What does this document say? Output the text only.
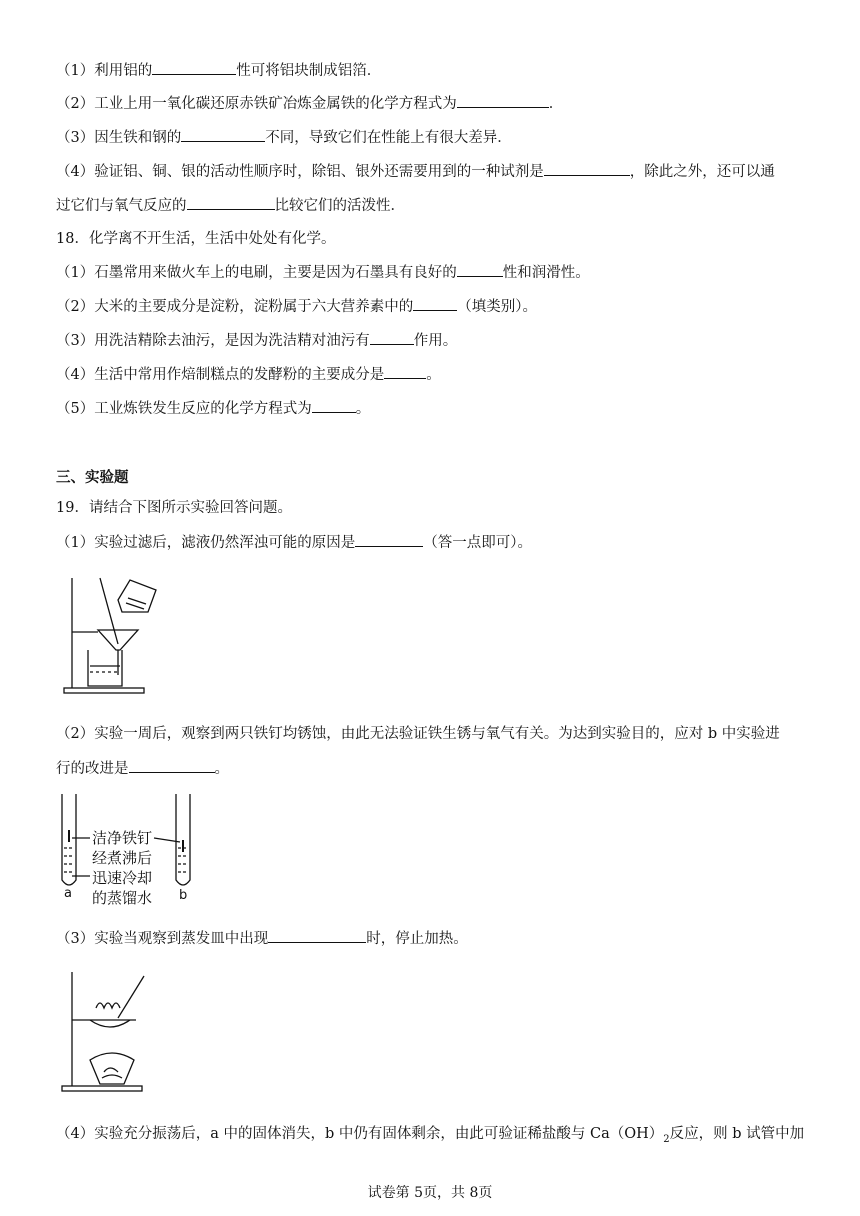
（1）利用铝的	性可将铝块制成铝箔．
（2）工业上用一氧化碳还原赤铁矿冶炼金属铁的化学方程式为	．
（3）因生铁和钢的	不同，导致它们在性能上有很大差异．
（4）验证铝、铜、银的活动性顺序时，除铝、银外还需要用到的一种试剂是	，除此之外，还可以通
过它们与氧气反应的	比较它们的活泼性．
18．化学离不开生活，生活中处处有化学。
（1）石墨常用来做火车上的电刷，主要是因为石墨具有良好的	性和润滑性。
（2）大米的主要成分是淀粉，淀粉属于六大营养素中的	（填类别）。
（3）用洗洁精除去油污，是因为洗洁精对油污有	作用。
（4）生活中常用作焙制糕点的发酵粉的主要成分是	。
（5）工业炼铁发生反应的化学方程式为	。
三、实验题
19．请结合下图所示实验回答问题。
（1）实验过滤后，滤液仍然浑浊可能的原因是	（答一点即可）。
（2）实验一周后，观察到两只铁钉均锈蚀，由此无法验证铁生锈与氧气有关。为达到实验目的，应对 b 中实验进
行的改进是	。
洁净铁钉
经煮沸后
迅速冷却
的蒸馏水
a	b
（3）实验当观察到蒸发皿中出现	时，停止加热。
（4）实验充分振荡后，a 中的固体消失，b 中仍有固体剩余，由此可验证稀盐酸与 $Ca(OH)_2$反应，则 b 试管中加
试卷第 5页，共 8页
